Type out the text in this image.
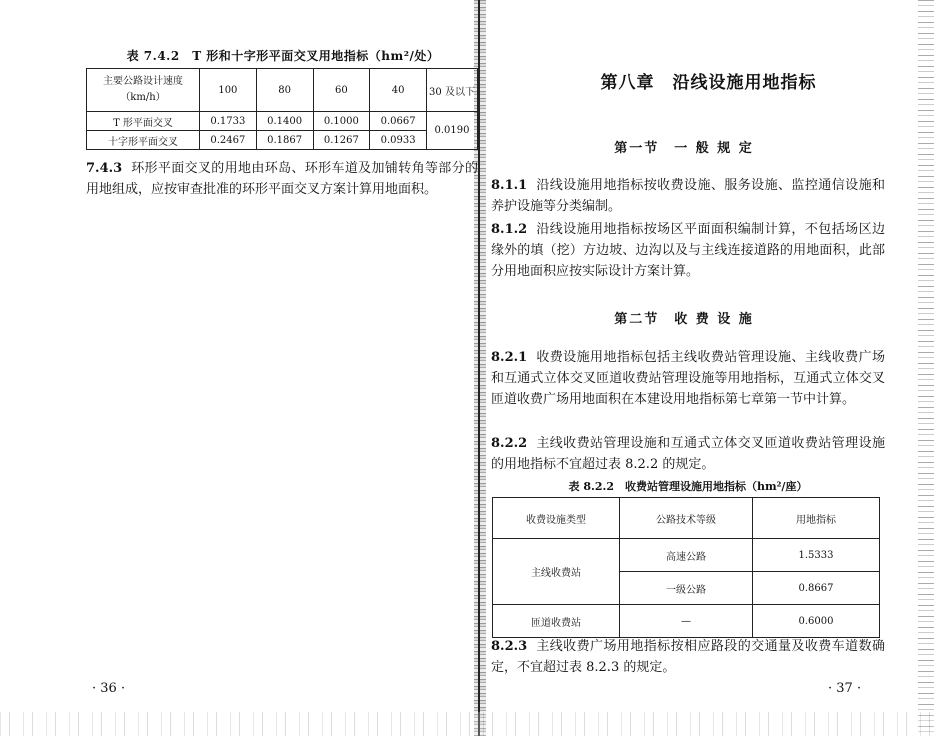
表 7.4.2　T 形和十字形平面交叉用地指标（hm²/处）
主要公路设计速度（km/h）	100	80	60	40	30 及以下
T 形平面交叉	0.1733	0.1400	0.1000	0.0667	0.0190
十字形平面交叉	0.2467	0.1867	0.1267	0.0933	
7.4.3 环形平面交叉的用地由环岛、环形车道及加铺转角等部分的用地组成，应按审查批准的环形平面交叉方案计算用地面积。
· 36 ·
第八章　沿线设施用地指标
第一节　一 般 规 定
8.1.1 沿线设施用地指标按收费设施、服务设施、监控通信设施和养护设施等分类编制。
8.1.2 沿线设施用地指标按场区平面面积编制计算，不包括场区边缘外的填（挖）方边坡、边沟以及与主线连接道路的用地面积，此部分用地面积应按实际设计方案计算。
第二节　收 费 设 施
8.2.1 收费设施用地指标包括主线收费站管理设施、主线收费广场和互通式立体交叉匝道收费站管理设施等用地指标，互通式立体交叉匝道收费广场用地面积在本建设用地指标第七章第一节中计算。
8.2.2 主线收费站管理设施和互通式立体交叉匝道收费站管理设施的用地指标不宜超过表 8.2.2 的规定。
表 8.2.2　收费站管理设施用地指标（hm²/座）
收费设施类型	公路技术等级	用地指标
主线收费站	高速公路	1.5333
	一级公路	0.8667
匝道收费站	—	0.6000
8.2.3 主线收费广场用地指标按相应路段的交通量及收费车道数确定，不宜超过表 8.2.3 的规定。
· 37 ·
